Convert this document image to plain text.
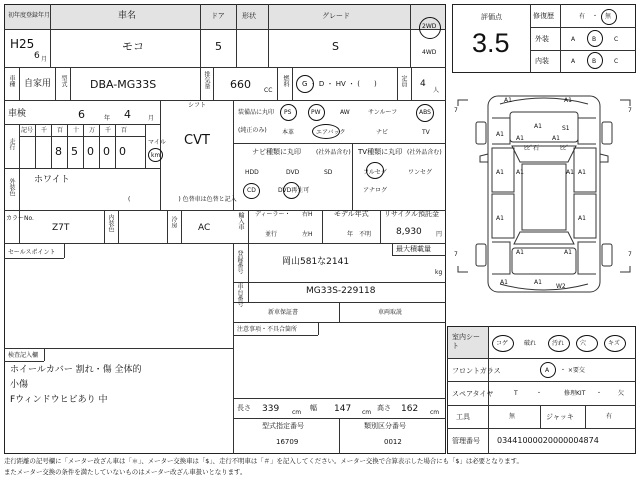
初年度登録年月	車名	ドア 形状	グレード
H25
6 月
モコ	5	S
2WD
4WD
車種 自家用 型式 DBA-MG33S	排気量 660 CC
燃料 G ・ D ・ HV ・ (　　)	定員 4
人
車検	6	年 4	月
シフト
CVT
走行
記号 千 百
8
十
5
万
0
千
0
百
0
マイル
km
外装色 ホワイト
(　　　　　　　　) 色替車は色替と記入
カラーNo.
Z7T	内装色	冷房 AC
装備品に丸印
(純正のみ)
PS	PW	AW	サンルーフ	ABS
本革	エアバック	ナビ	TV
ナビ種類に丸印	(社外品含む)
HDD	DVD	SD
CD	DVD再生可
TV種類に丸印 (社外品含む)
フルセグ	ワンセグ
アナログ
輸入車 ディーラー・
並行
右H
左H
モデル年式
年　不明
リサイクル預託金
8,930 円
登録番号	岡山581な2141
最大積載量
kg
車台番号	MG33S-229118
新車保証書	車両取説
セールスポイント
注意事項・不具合箇所
検査記入欄
ホイールカバー 割れ・傷 全体的
小傷
Fウィンドウヒビあり 中
長さ 339 cm
幅 147 cm
高さ 162 cm
型式指定番号
16709
類別区分番号
0012
評価点
3.5
修復歴	有 ・ 無
外装	A	B	C
内装	A	B	C
A1	A1
A1
A1
S1
A1	A1
ﾋﾋﾞ石	ﾋﾋﾞ
A1	A1
A1	A1
A1	A1
A1	A1
A1	A1
W2
7	7
7	7
室内シート	コゲ	破れ	汚れ	穴	キズ
フロントガラス	A ・ ×要交
スペアタイヤ	T	・	修理KIT ・	欠
工具	無	ジャッキ	有
管理番号 03441000020000004874
走行距離の記号欄に「メーター改ざん車は「＊」、メーター交換車は「$」、走行不明車は「＃」を記入してください。メーター交換で合算表示した場合にも「$」は必要となります。
またメーター交換の条件を満たしていないものはメーター改ざん車扱いとなります。
